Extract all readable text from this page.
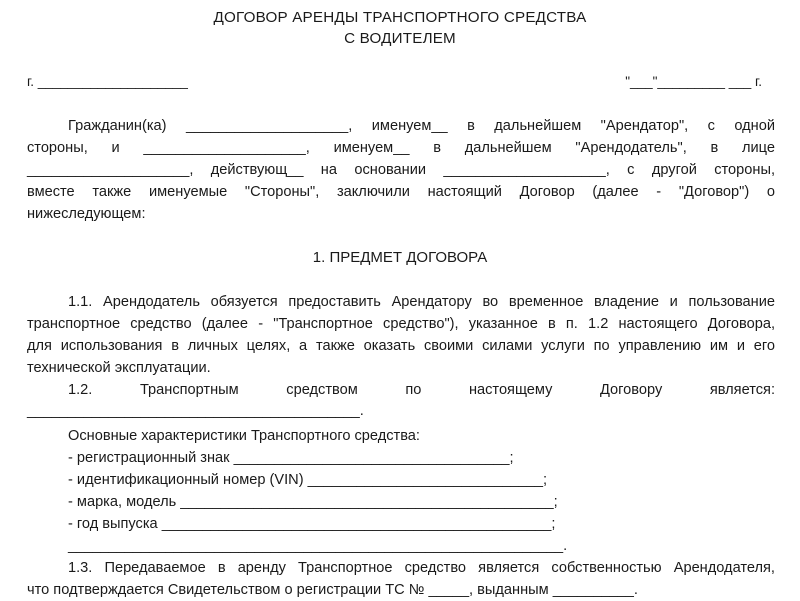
ДОГОВОР АРЕНДЫ ТРАНСПОРТНОГО СРЕДСТВА
С ВОДИТЕЛЕМ
г. ____________________	"___"_________ ___ г.
Гражданин(ка) ____________________, именуем__ в дальнейшем "Арендатор", с одной
стороны, и ____________________, именуем__ в дальнейшем "Арендодатель", в лице
____________________, действующ__ на основании ____________________, с другой стороны,
вместе также именуемые "Стороны", заключили настоящий Договор (далее - "Договор") о
нижеследующем:
1. ПРЕДМЕТ ДОГОВОРА
1.1. Арендодатель обязуется предоставить Арендатору во временное владение и пользование
транспортное средство (далее - "Транспортное средство"), указанное в п. 1.2 настоящего Договора,
для использования в личных целях, а также оказать своими силами услуги по управлению им и его
технической эксплуатации.
1.2. Транспортным средством по настоящему Договору является:
_________________________________________.
Основные характеристики Транспортного средства:
- регистрационный знак __________________________________;
- идентификационный номер (VIN) _____________________________;
- марка, модель ______________________________________________;
- год выпуска ________________________________________________;
_____________________________________________________________.
1.3. Передаваемое в аренду Транспортное средство является собственностью Арендодателя,
что подтверждается Свидетельством о регистрации ТС № _____, выданным __________.
